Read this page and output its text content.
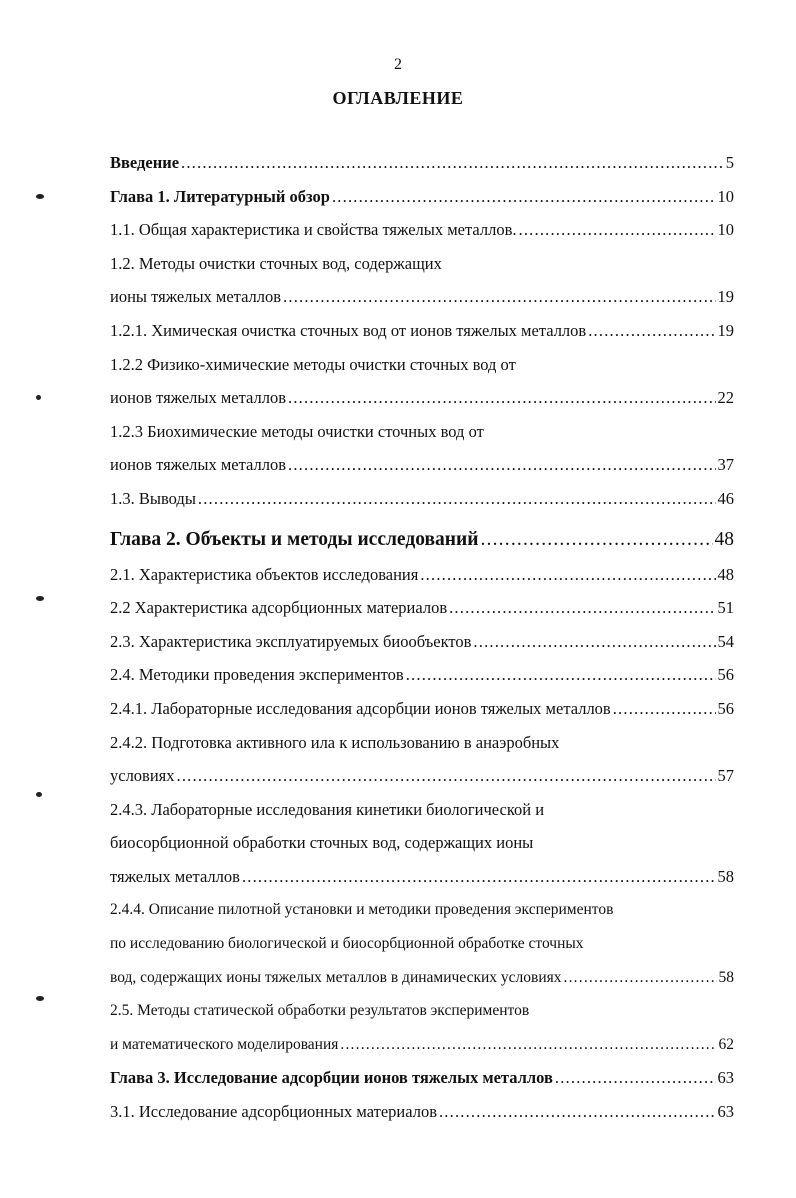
2
ОГЛАВЛЕНИЕ
Введение .....	5
Глава 1. Литературный обзор .....	10
1.1. Общая характеристика и свойства тяжелых металлов. .....	10
1.2. Методы очистки сточных вод, содержащих
ионы тяжелых металлов .....	19
1.2.1. Химическая очистка сточных вод от ионов тяжелых металлов .....	19
1.2.2 Физико-химические методы очистки сточных вод от
ионов тяжелых металлов .....	22
1.2.3 Биохимические методы очистки сточных вод от
ионов тяжелых металлов .....	37
1.3. Выводы .....	46
Глава 2. Объекты и методы исследований .....	48
2.1. Характеристика объектов исследования .....	48
2.2 Характеристика адсорбционных материалов .....	51
2.3. Характеристика эксплуатируемых биообъектов .....	54
2.4. Методики проведения экспериментов .....	56
2.4.1. Лабораторные исследования адсорбции ионов тяжелых металлов .....	56
2.4.2. Подготовка активного ила к использованию в анаэробных
условиях .....	57
2.4.3. Лабораторные исследования кинетики биологической и
биосорбционной обработки сточных вод, содержащих ионы
тяжелых металлов .....	58
2.4.4. Описание пилотной установки и методики проведения экспериментов
по исследованию биологической и биосорбционной обработке сточных
вод, содержащих ионы тяжелых металлов в динамических условиях .....	58
2.5. Методы статической обработки результатов экспериментов
и математического моделирования .....	62
Глава 3. Исследование адсорбции ионов тяжелых металлов .....	63
3.1. Исследование адсорбционных материалов .....	63
